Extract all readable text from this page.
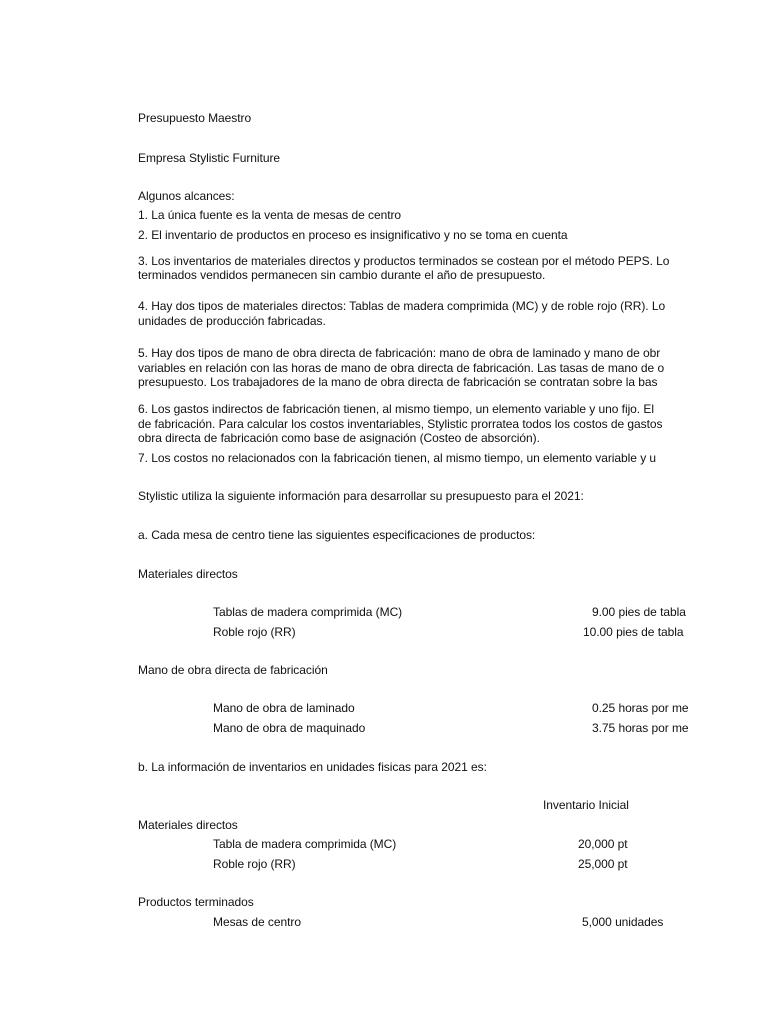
Presupuesto Maestro
Empresa Stylistic Furniture
Algunos alcances:
1. La única fuente es la venta de mesas de centro
2. El inventario de productos en proceso es insignificativo y no se toma en cuenta
3. Los inventarios de materiales directos y productos terminados se costean por el método PEPS. Lo
terminados vendidos permanecen sin cambio durante el año de presupuesto.
4. Hay dos tipos de materiales directos: Tablas de madera comprimida (MC) y de roble rojo (RR). Lo
unidades de producción fabricadas.
5. Hay dos tipos de mano de obra directa de fabricación: mano de obra de laminado y mano de obr
variables en relación con las horas de mano de obra directa de fabricación. Las tasas de mano de o
presupuesto. Los trabajadores de la mano de obra directa de fabricación se contratan sobre la bas
6. Los gastos indirectos de fabricación tienen, al mismo tiempo, un elemento variable y uno fijo. El
de fabricación. Para calcular los costos inventariables, Stylistic prorratea todos los costos de gastos
obra directa de fabricación como base de asignación (Costeo de absorción).
7. Los costos no relacionados con la fabricación tienen, al mismo tiempo, un elemento variable y u
Stylistic utiliza la siguiente información para desarrollar su presupuesto para el 2021:
a. Cada mesa de centro tiene las siguientes especificaciones de productos:
Materiales directos
Tablas de madera comprimida (MC)	9.00 pies de tabla
Roble rojo (RR)	10.00 pies de tabla
Mano de obra directa de fabricación
Mano de obra de laminado	0.25 horas por me
Mano de obra de maquinado	3.75 horas por me
b. La información de inventarios en unidades fisicas para 2021 es:
Inventario Inicial
Materiales directos
Tabla de madera comprimida (MC)	20,000 pt
Roble rojo (RR)	25,000 pt
Productos terminados
Mesas de centro	5,000 unidades
